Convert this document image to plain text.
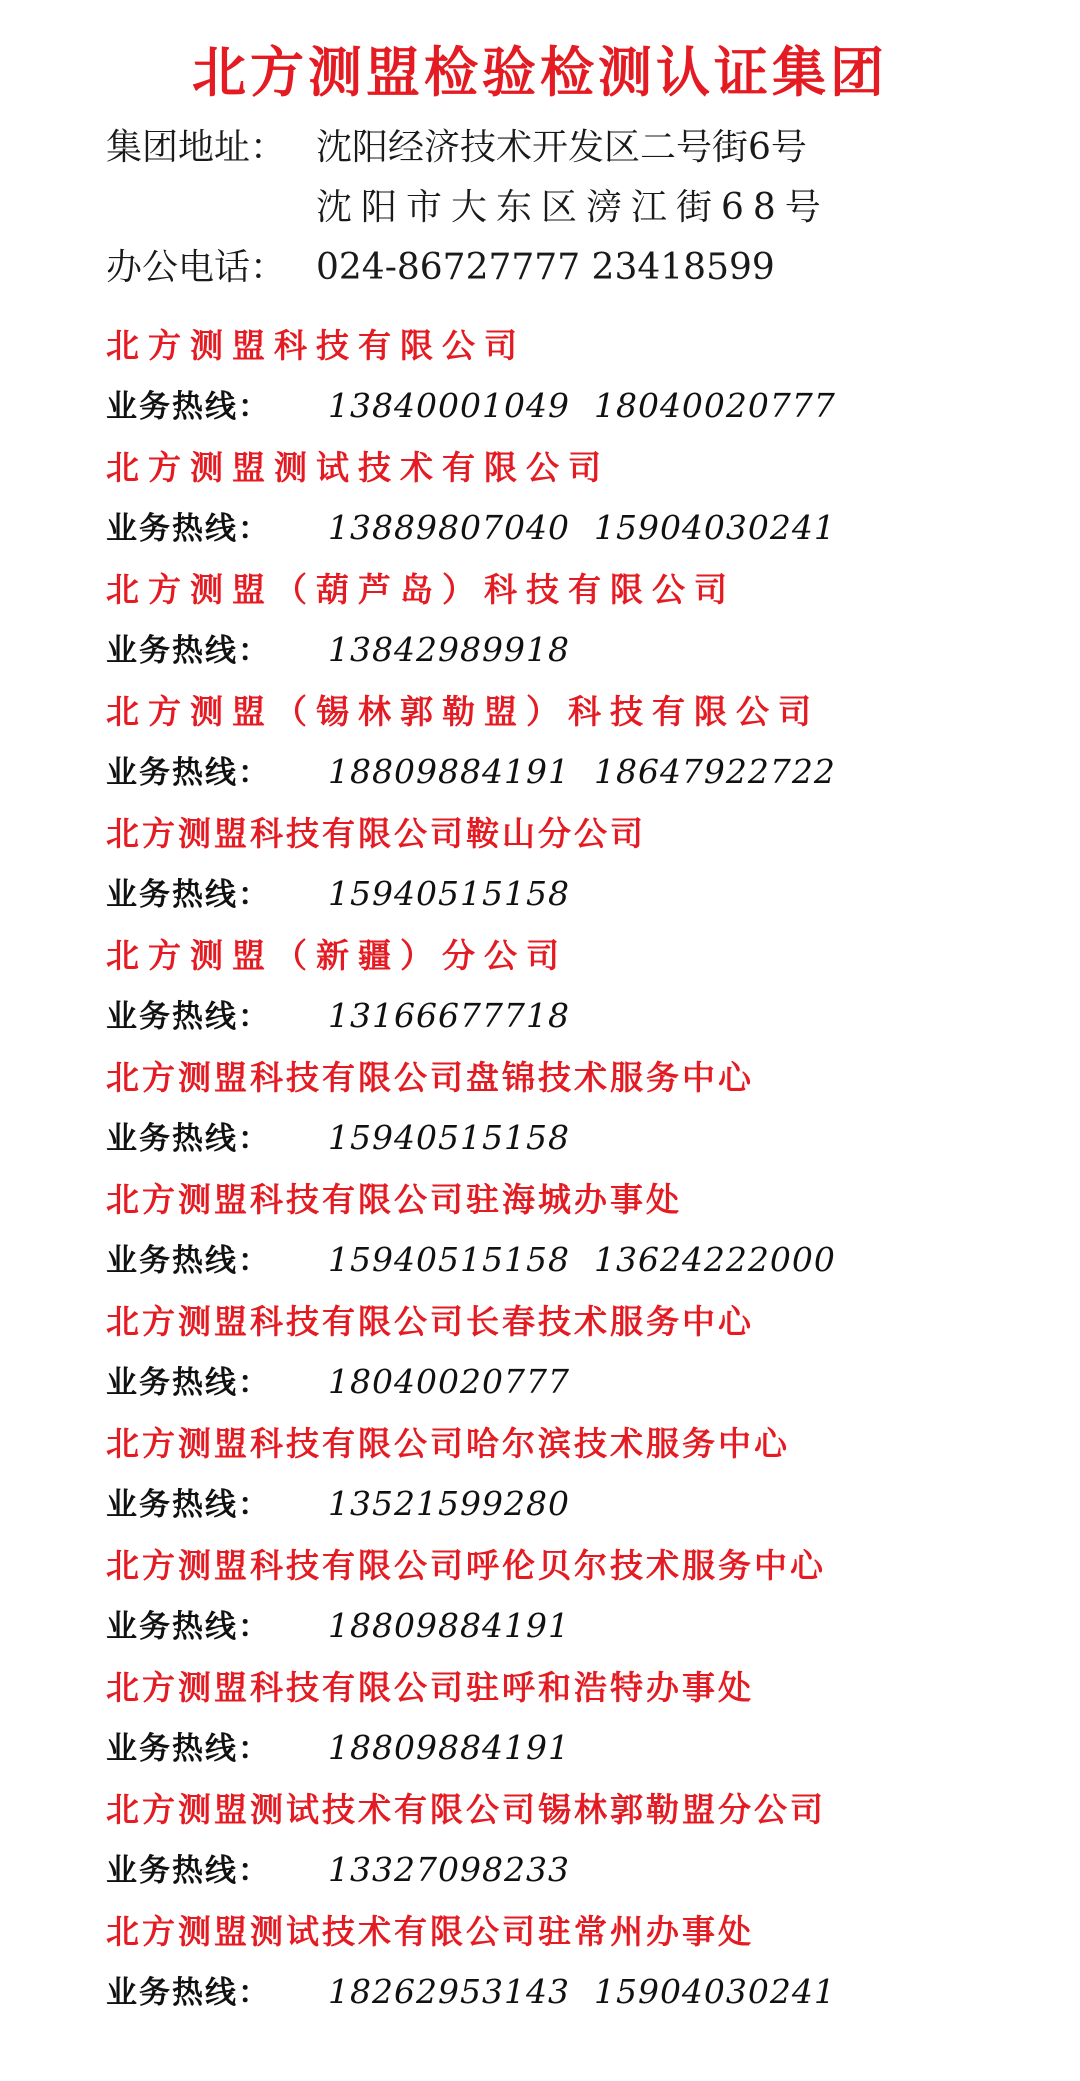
北方测盟检验检测认证集团
集团地址： 沈阳经济技术开发区二号街6号
沈阳市大东区滂江街68号
办公电话： 024-86727777 23418599
北方测盟科技有限公司
业务热线： 13840001049 18040020777
北方测盟测试技术有限公司
业务热线： 13889807040 15904030241
北方测盟（葫芦岛）科技有限公司
业务热线： 13842989918
北方测盟（锡林郭勒盟）科技有限公司
业务热线： 18809884191 18647922722
北方测盟科技有限公司鞍山分公司
业务热线： 15940515158
北方测盟（新疆）分公司
业务热线： 13166677718
北方测盟科技有限公司盘锦技术服务中心
业务热线： 15940515158
北方测盟科技有限公司驻海城办事处
业务热线： 15940515158 13624222000
北方测盟科技有限公司长春技术服务中心
业务热线： 18040020777
北方测盟科技有限公司哈尔滨技术服务中心
业务热线： 13521599280
北方测盟科技有限公司呼伦贝尔技术服务中心
业务热线： 18809884191
北方测盟科技有限公司驻呼和浩特办事处
业务热线： 18809884191
北方测盟测试技术有限公司锡林郭勒盟分公司
业务热线： 13327098233
北方测盟测试技术有限公司驻常州办事处
业务热线： 18262953143 15904030241
